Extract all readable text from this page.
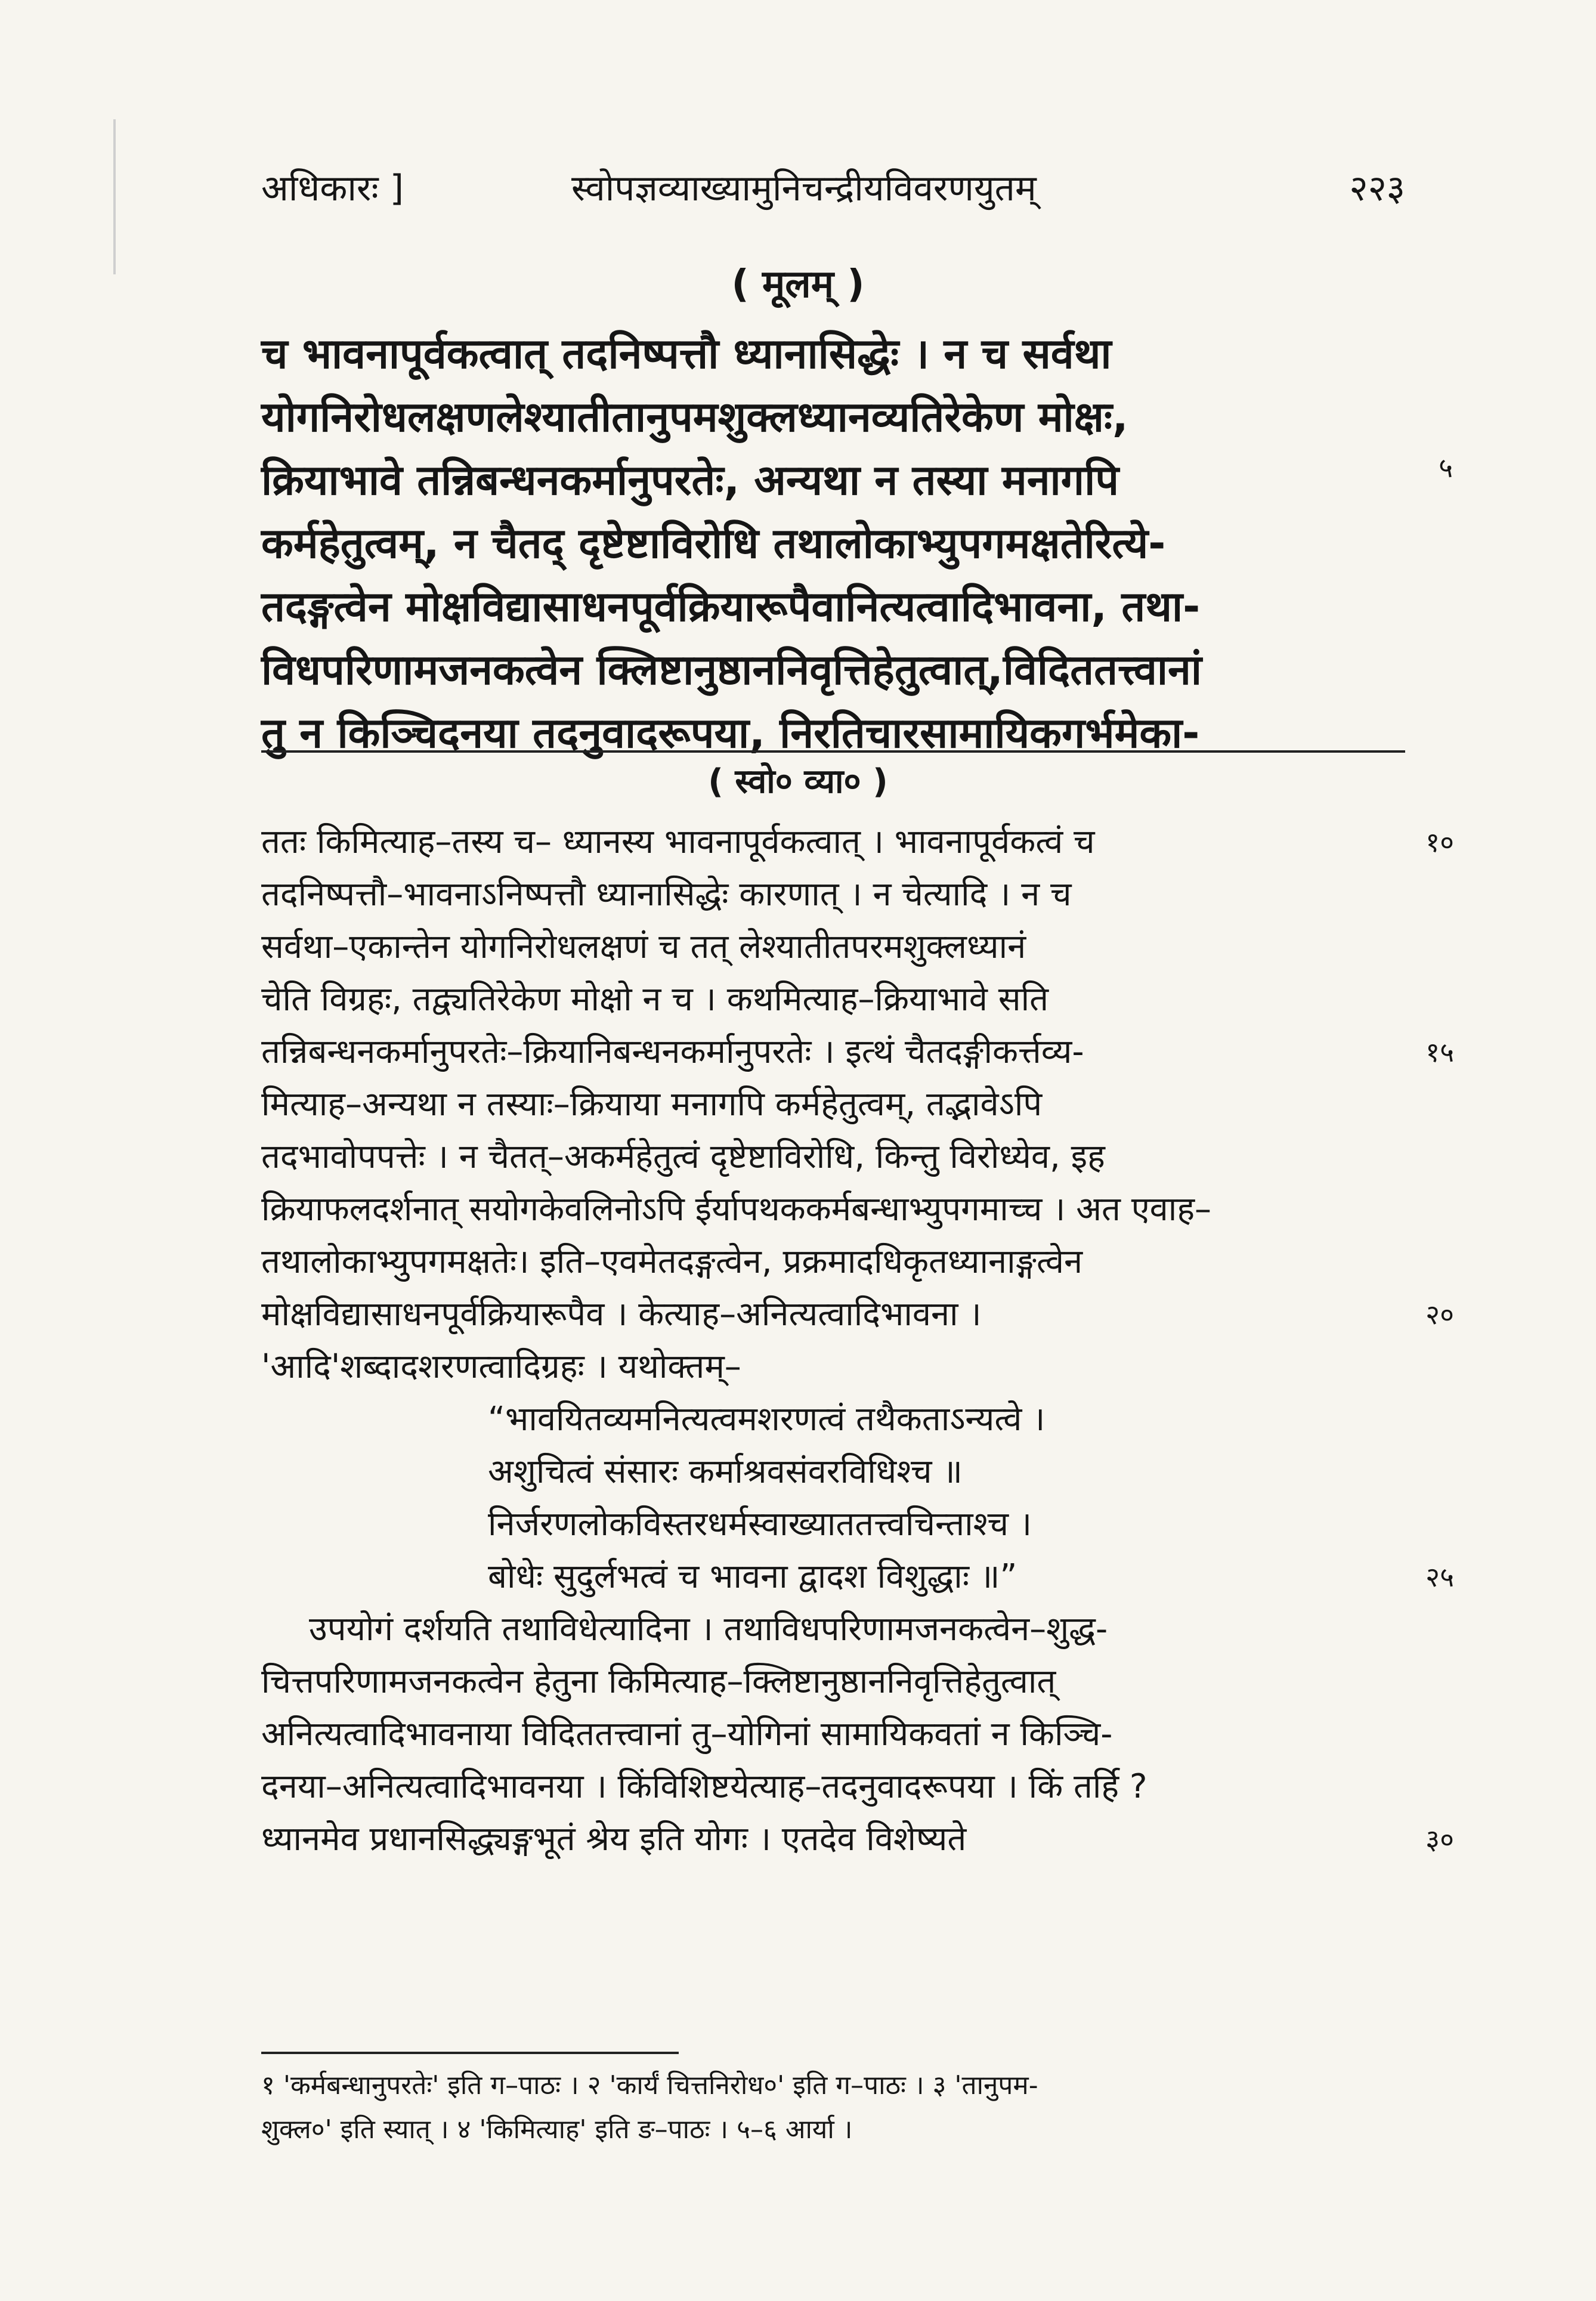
अधिकारः ]	स्वोपज्ञव्याख्यामुनिचन्द्रीयविवरणयुतम्	२२३
( मूलम् )
५
च भावनापूर्वकत्वात् तदनिष्पत्तौ ध्यानासिद्धेः । न च सर्वथा
योगनिरोधलक्षणलेश्यातीतानुपमशुक्लध्यानव्यतिरेकेण मोक्षः,
क्रियाभावे तन्निबन्धनकर्मानुपरतेः, अन्यथा न तस्या मनागपि
कर्महेतुत्वम्, न चैतद् दृष्टेष्टाविरोधि तथालोकाभ्युपगमक्षतेरित्ये-
तदङ्गत्वेन मोक्षविद्यासाधनपूर्वक्रियारूपैवानित्यत्वादिभावना, तथा-
विधपरिणामजनकत्वेन क्लिष्टानुष्ठाननिवृत्तिहेतुत्वात्,विदिततत्त्वानां
तु न किञ्चिदनया तदनुवादरूपया, निरतिचारसामायिकगर्भमेका-
( स्वो० व्या० )
ततः किमित्याह–तस्य च– ध्यानस्य भावनापूर्वकत्वात् । भावनापूर्वकत्वं च	१०
तदनिष्पत्तौ–भावनाऽनिष्पत्तौ ध्यानासिद्धेः कारणात् । न चेत्यादि । न च
सर्वथा–एकान्तेन योगनिरोधलक्षणं च तत् लेश्यातीतपरमशुक्लध्यानं
चेति विग्रहः, तद्व्यतिरेकेण मोक्षो न च । कथमित्याह–क्रियाभावे सति
तन्निबन्धनकर्मानुपरतेः–क्रियानिबन्धनकर्मानुपरतेः । इत्थं चैतदङ्गीकर्त्तव्य-	१५
मित्याह–अन्यथा न तस्याः–क्रियाया मनागपि कर्महेतुत्वम्, तद्भावेऽपि
तदभावोपपत्तेः । न चैतत्–अकर्महेतुत्वं दृष्टेष्टाविरोधि, किन्तु विरोध्येव, इह
क्रियाफलदर्शनात् सयोगकेवलिनोऽपि ईर्यापथककर्मबन्धाभ्युपगमाच्च । अत एवाह–
तथालोकाभ्युपगमक्षतेः। इति–एवमेतदङ्गत्वेन, प्रक्रमादधिकृतध्यानाङ्गत्वेन
मोक्षविद्यासाधनपूर्वक्रियारूपैव । केत्याह–अनित्यत्वादिभावना ।	२०
'आदि'शब्दादशरणत्वादिग्रहः । यथोक्तम्–
“भावयितव्यमनित्यत्वमशरणत्वं तथैकताऽन्यत्वे ।
अशुचित्वं संसारः कर्माश्रवसंवरविधिश्च ॥
निर्जरणलोकविस्तरधर्मस्वाख्याततत्त्वचिन्ताश्च ।
बोधेः सुदुर्लभत्वं च भावना द्वादश विशुद्धाः ॥”	२५
उपयोगं दर्शयति तथाविधेत्यादिना । तथाविधपरिणामजनकत्वेन–शुद्ध-
चित्तपरिणामजनकत्वेन हेतुना किमित्याह–क्लिष्टानुष्ठाननिवृत्तिहेतुत्वात्
अनित्यत्वादिभावनाया विदिततत्त्वानां तु–योगिनां सामायिकवतां न किञ्चि-
दनया–अनित्यत्वादिभावनया । किंविशिष्टयेत्याह–तदनुवादरूपया । किं तर्हि ?
ध्यानमेव प्रधानसिद्ध्यङ्गभूतं श्रेय इति योगः । एतदेव विशेष्यते	३०
१ 'कर्मबन्धानुपरतेः' इति ग–पाठः । २ 'कार्यं चित्तनिरोध०' इति ग–पाठः । ३ 'तानुपम-
शुक्ल०' इति स्यात् । ४ 'किमित्याह' इति ङ–पाठः । ५–६ आर्या ।
